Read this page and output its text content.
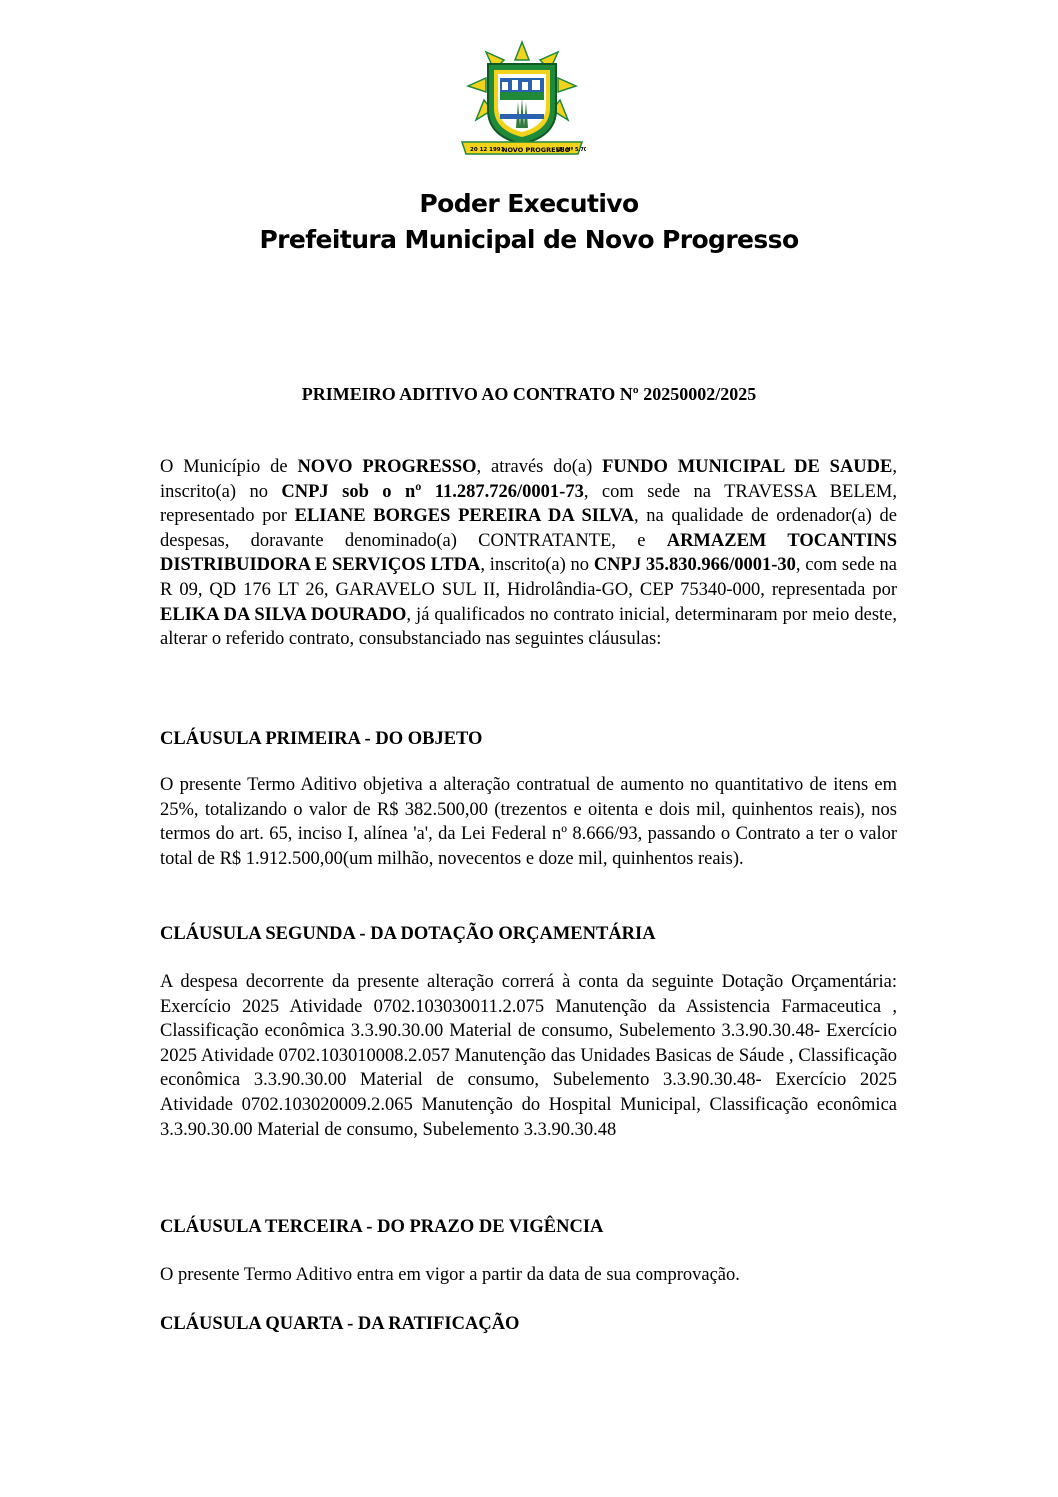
20 12 1991
NOVO PROGRESSO
LEI Nº 5.70
Poder Executivo
Prefeitura Municipal de Novo Progresso
PRIMEIRO ADITIVO AO CONTRATO Nº 20250002/2025
O Município de NOVO PROGRESSO, através do(a) FUNDO MUNICIPAL DE SAUDE, inscrito(a) no CNPJ sob o nº 11.287.726/0001-73, com sede na TRAVESSA BELEM, representado por ELIANE BORGES PEREIRA DA SILVA, na qualidade de ordenador(a) de despesas, doravante denominado(a) CONTRATANTE, e ARMAZEM TOCANTINS DISTRIBUIDORA E SERVIÇOS LTDA, inscrito(a) no CNPJ 35.830.966/0001-30, com sede na R 09, QD 176 LT 26, GARAVELO SUL II, Hidrolândia-GO, CEP 75340-000, representada por ELIKA DA SILVA DOURADO, já qualificados no contrato inicial, determinaram por meio deste, alterar o referido contrato, consubstanciado nas seguintes cláusulas:
CLÁUSULA PRIMEIRA - DO OBJETO
O presente Termo Aditivo objetiva a alteração contratual de aumento no quantitativo de itens em 25%, totalizando o valor de R$ 382.500,00 (trezentos e oitenta e dois mil, quinhentos reais), nos termos do art. 65, inciso I, alínea 'a', da Lei Federal nº 8.666/93, passando o Contrato a ter o valor total de R$ 1.912.500,00(um milhão, novecentos e doze mil, quinhentos reais).
CLÁUSULA SEGUNDA - DA DOTAÇÃO ORÇAMENTÁRIA
A despesa decorrente da presente alteração correrá à conta da seguinte Dotação Orçamentária: Exercício 2025 Atividade 0702.103030011.2.075 Manutenção da Assistencia Farmaceutica , Classificação econômica 3.3.90.30.00 Material de consumo, Subelemento 3.3.90.30.48- Exercício 2025 Atividade 0702.103010008.2.057 Manutenção das Unidades Basicas de Sáude , Classificação econômica 3.3.90.30.00 Material de consumo, Subelemento 3.3.90.30.48- Exercício 2025 Atividade 0702.103020009.2.065 Manutenção do Hospital Municipal, Classificação econômica 3.3.90.30.00 Material de consumo, Subelemento 3.3.90.30.48
CLÁUSULA TERCEIRA - DO PRAZO DE VIGÊNCIA
O presente Termo Aditivo entra em vigor a partir da data de sua comprovação.
CLÁUSULA QUARTA - DA RATIFICAÇÃO
